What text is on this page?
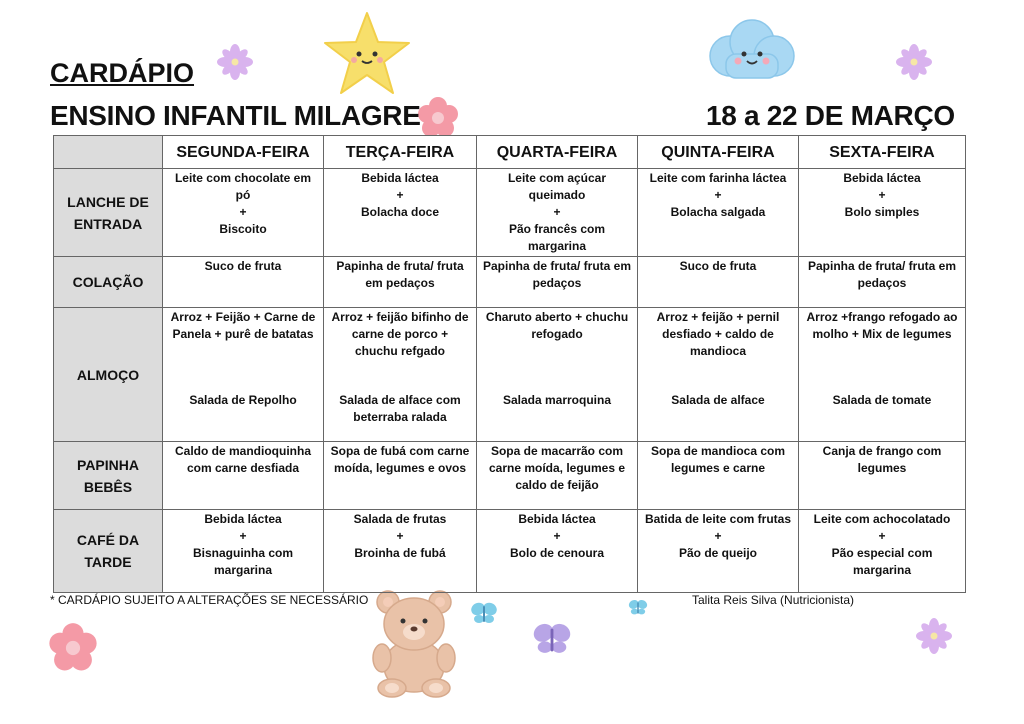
CARDÁPIO
ENSINO INFANTIL MILAGRE	18 a 22 DE MARÇO
	SEGUNDA-FEIRA	TERÇA-FEIRA	QUARTA-FEIRA	QUINTA-FEIRA	SEXTA-FEIRA

LANCHE DE
ENTRADA	Leite com chocolate em
pó
+
Biscoito	Bebida láctea
+
Bolacha doce	Leite com açúcar
queimado
+
Pão francês com
margarina	Leite com farinha láctea
+
Bolacha salgada	Bebida láctea
+
Bolo simples

COLAÇÃO	Suco de fruta	Papinha de fruta/ fruta
em pedaços	Papinha de fruta/ fruta em
pedaços	Suco de fruta	Papinha de fruta/ fruta em
pedaços

ALMOÇO	Arroz + Feijão + Carne de
Panela + purê de batatas
Salada de Repolho	Arroz + feijão bifinho de
carne de porco +
chuchu refgado
Salada de alface com
beterraba ralada	Charuto aberto + chuchu
refogado
Salada marroquina	Arroz + feijão + pernil
desfiado + caldo de
mandioca
Salada de alface	Arroz +frango refogado ao
molho + Mix de legumes
Salada de tomate

PAPINHA
BEBÊS	Caldo de mandioquinha
com carne desfiada	Sopa de fubá com carne
moída, legumes e ovos	Sopa de macarrão com
carne moída, legumes e
caldo de feijão	Sopa de mandioca com
legumes e carne	Canja de frango com
legumes

CAFÉ DA
TARDE	Bebida láctea
+
Bisnaguinha com
margarina	Salada de frutas
+
Broinha de fubá	Bebida láctea
+
Bolo de cenoura	Batida de leite com frutas
+
Pão de queijo	Leite com achocolatado
+
Pão especial com
margarina
* CARDÁPIO SUJEITO A ALTERAÇÕES SE NECESSÁRIO	Talita Reis Silva (Nutricionista)
